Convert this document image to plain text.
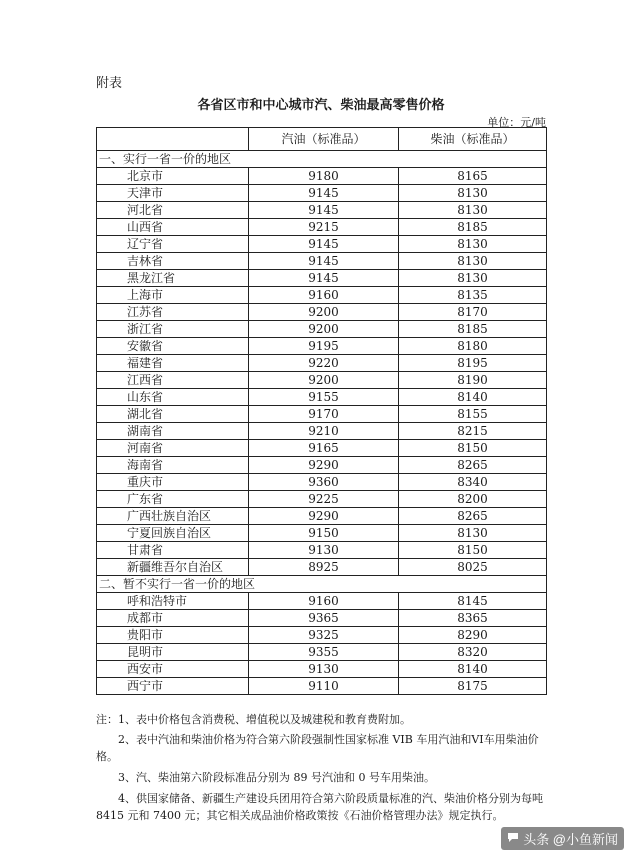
附表
各省区市和中心城市汽、柴油最高零售价格
单位：元/吨
	汽油（标准品）	柴油（标准品）
一、实行一省一价的地区		
北京市	9180	8165
天津市	9145	8130
河北省	9145	8130
山西省	9215	8185
辽宁省	9145	8130
吉林省	9145	8130
黑龙江省	9145	8130
上海市	9160	8135
江苏省	9200	8170
浙江省	9200	8185
安徽省	9195	8180
福建省	9220	8195
江西省	9200	8190
山东省	9155	8140
湖北省	9170	8155
湖南省	9210	8215
河南省	9165	8150
海南省	9290	8265
重庆市	9360	8340
广东省	9225	8200
广西壮族自治区	9290	8265
宁夏回族自治区	9150	8130
甘肃省	9130	8150
新疆维吾尔自治区	8925	8025
二、暂不实行一省一价的地区		
呼和浩特市	9160	8145
成都市	9365	8365
贵阳市	9325	8290
昆明市	9355	8320
西安市	9130	8140
西宁市	9110	8175

注：1、表中价格包含消费税、增值税以及城建税和教育费附加。

2、表中汽油和柴油价格为符合第六阶段强制性国家标准 VIB 车用汽油和VI车用柴油价格。

3、汽、柴油第六阶段标准品分别为 89 号汽油和 0 号车用柴油。

4、供国家储备、新疆生产建设兵团用符合第六阶段质量标准的汽、柴油价格分别为每吨 8415 元和 7400 元；其它相关成品油价格政策按《石油价格管理办法》规定执行。

头条 @小鱼新闻
